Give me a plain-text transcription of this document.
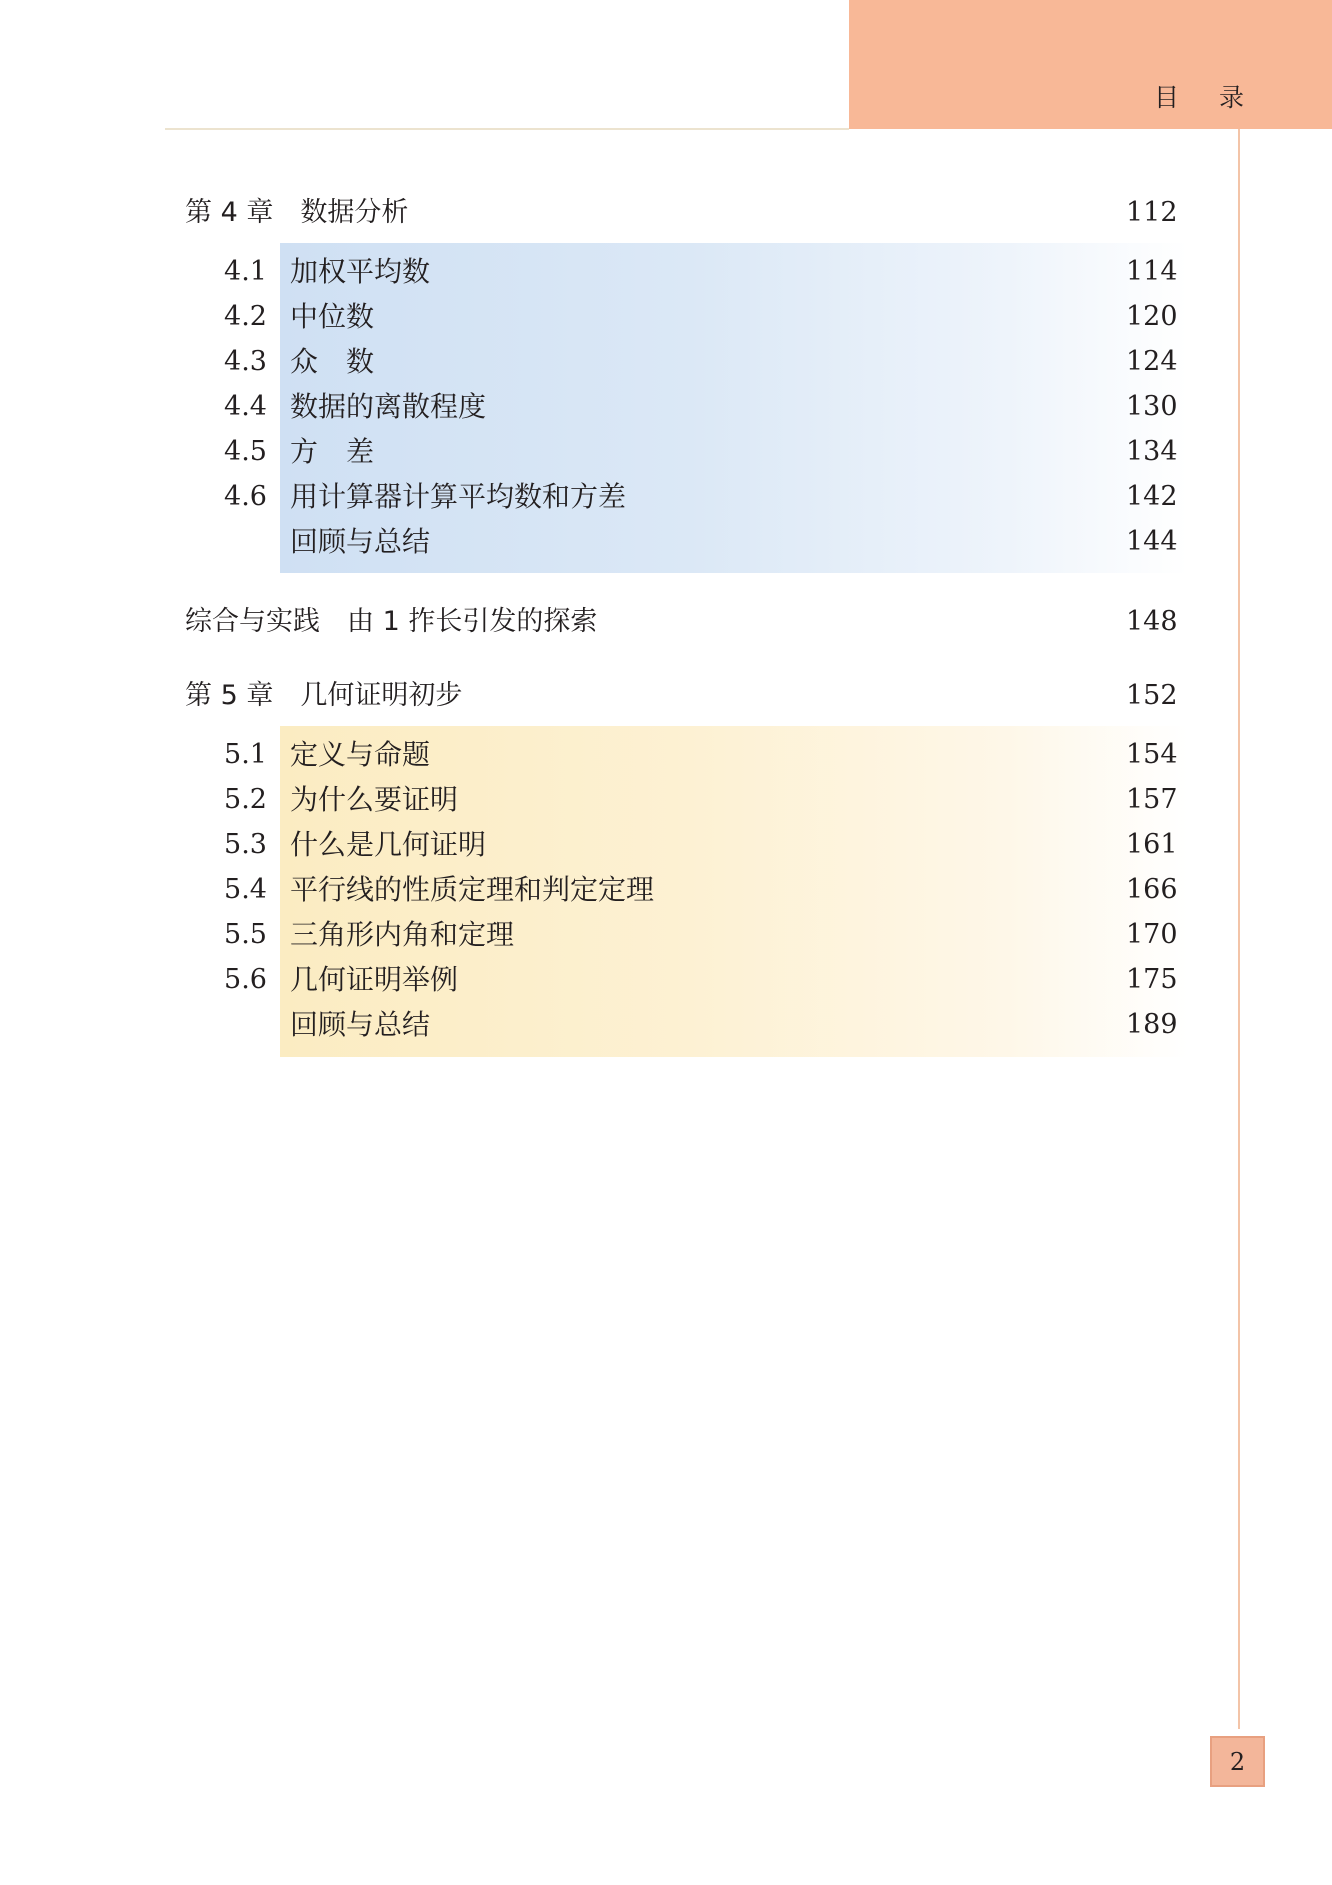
目 录
第 4 章　数据分析	112
4.1 加权平均数	114
4.2 中位数	120
4.3 众　数	124
4.4 数据的离散程度	130
4.5 方　差	134
4.6 用计算器计算平均数和方差	142
回顾与总结	144
综合与实践　由 1 拃长引发的探索	148
第 5 章　几何证明初步	152
5.1 定义与命题	154
5.2 为什么要证明	157
5.3 什么是几何证明	161
5.4 平行线的性质定理和判定定理	166
5.5 三角形内角和定理	170
5.6 几何证明举例	175
回顾与总结	189
2
